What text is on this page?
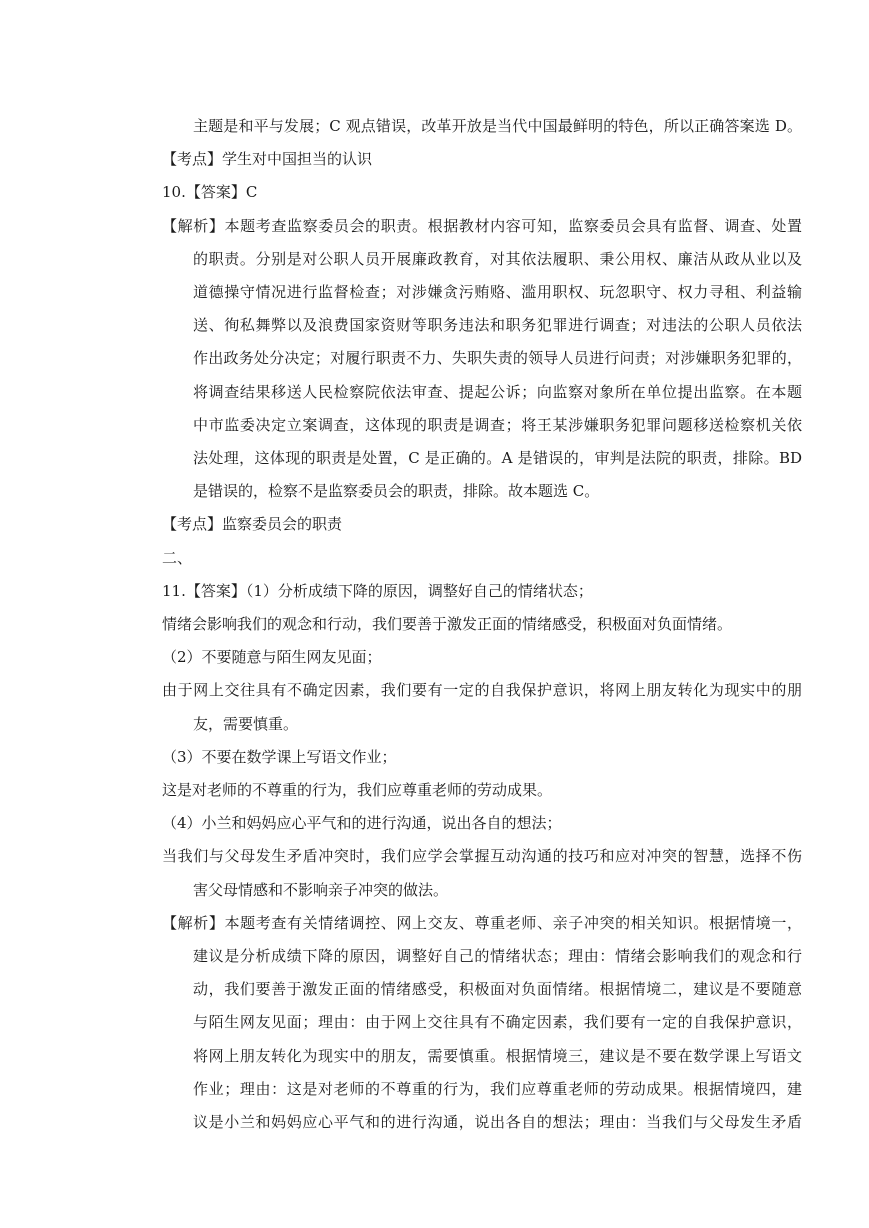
主题是和平与发展；C 观点错误，改革开放是当代中国最鲜明的特色，所以正确答案选 D。
【考点】学生对中国担当的认识
10.【答案】C
【解析】本题考查监察委员会的职责。根据教材内容可知，监察委员会具有监督、调查、处置
的职责。分别是对公职人员开展廉政教育，对其依法履职、秉公用权、廉洁从政从业以及
道德操守情况进行监督检查；对涉嫌贪污贿赂、滥用职权、玩忽职守、权力寻租、利益输
送、徇私舞弊以及浪费国家资财等职务违法和职务犯罪进行调查；对违法的公职人员依法
作出政务处分决定；对履行职责不力、失职失责的领导人员进行问责；对涉嫌职务犯罪的，
将调查结果移送人民检察院依法审查、提起公诉；向监察对象所在单位提出监察。在本题
中市监委决定立案调查，这体现的职责是调查；将王某涉嫌职务犯罪问题移送检察机关依
法处理，这体现的职责是处置，C 是正确的。A 是错误的，审判是法院的职责，排除。BD
是错误的，检察不是监察委员会的职责，排除。故本题选 C。
【考点】监察委员会的职责
二、
11.【答案】（1）分析成绩下降的原因，调整好自己的情绪状态；
情绪会影响我们的观念和行动，我们要善于激发正面的情绪感受，积极面对负面情绪。
（2）不要随意与陌生网友见面；
由于网上交往具有不确定因素，我们要有一定的自我保护意识，将网上朋友转化为现实中的朋
友，需要慎重。
（3）不要在数学课上写语文作业；
这是对老师的不尊重的行为，我们应尊重老师的劳动成果。
（4）小兰和妈妈应心平气和的进行沟通，说出各自的想法；
当我们与父母发生矛盾冲突时，我们应学会掌握互动沟通的技巧和应对冲突的智慧，选择不伤
害父母情感和不影响亲子冲突的做法。
【解析】本题考查有关情绪调控、网上交友、尊重老师、亲子冲突的相关知识。根据情境一，
建议是分析成绩下降的原因，调整好自己的情绪状态；理由：情绪会影响我们的观念和行
动，我们要善于激发正面的情绪感受，积极面对负面情绪。根据情境二，建议是不要随意
与陌生网友见面；理由：由于网上交往具有不确定因素，我们要有一定的自我保护意识，
将网上朋友转化为现实中的朋友，需要慎重。根据情境三，建议是不要在数学课上写语文
作业；理由：这是对老师的不尊重的行为，我们应尊重老师的劳动成果。根据情境四，建
议是小兰和妈妈应心平气和的进行沟通，说出各自的想法；理由：当我们与父母发生矛盾
